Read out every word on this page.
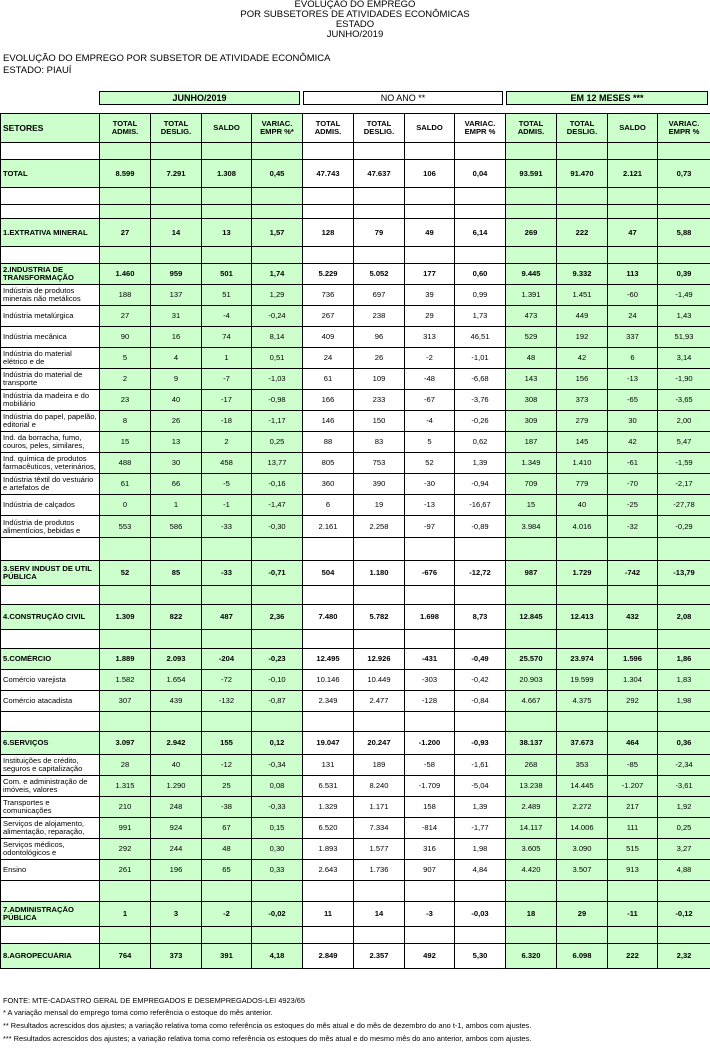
EVOLUÇÃO DO EMPREGO
POR SUBSETORES DE ATIVIDADES ECONÔMICAS
ESTADO
JUNHO/2019
EVOLUÇÃO DO EMPREGO POR SUBSETOR DE ATIVIDADE ECONÔMICA
ESTADO: PIAUÍ
JUNHO/2019	NO ANO **	EM 12 MESES ***
SETORES	TOTAL ADMIS.	TOTAL DESLIG.	SALDO	VARIAC. EMPR %*	TOTAL ADMIS.	TOTAL DESLIG.	SALDO	VARIAC. EMPR %	TOTAL ADMIS.	TOTAL DESLIG.	SALDO	VARIAC. EMPR %

TOTAL	8.599	7.291	1.308	0,45	47.743	47.637	106	0,04	93.591	91.470	2.121	0,73

1.EXTRATIVA MINERAL	27	14	13	1,57	128	79	49	6,14	269	222	47	5,88

2.INDÚSTRIA DE TRANSFORMAÇÃO	1.460	959	501	1,74	5.229	5.052	177	0,60	9.445	9.332	113	0,39

Indústria de produtos minerais não metálicos	188	137	51	1,29	736	697	39	0,99	1.391	1.451	-60	-1,49

Indústria metalúrgica	27	31	-4	-0,24	267	238	29	1,73	473	449	24	1,43

Indústria mecânica	90	16	74	8,14	409	96	313	46,51	529	192	337	51,93

Indústria do material elétrico e de	5	4	1	0,51	24	26	-2	-1,01	48	42	6	3,14

Indústria do material de transporte	2	9	-7	-1,03	61	109	-48	-6,68	143	156	-13	-1,90

Indústria da madeira e do mobiliário	23	40	-17	-0,98	166	233	-67	-3,76	308	373	-65	-3,65

Indústria do papel, papelão, editorial e	8	26	-18	-1,17	146	150	-4	-0,26	309	279	30	2,00

Ind. da borracha, fumo, couros, peles, similares,	15	13	2	0,25	88	83	5	0,62	187	145	42	5,47

Ind. química de produtos farmacêuticos, veterinários,	488	30	458	13,77	805	753	52	1,39	1.349	1.410	-61	-1,59

Indústria têxtil do vestuário e artefatos de	61	66	-5	-0,16	360	390	-30	-0,94	709	779	-70	-2,17

Indústria de calçados	0	1	-1	-1,47	6	19	-13	-16,67	15	40	-25	-27,78

Indústria de produtos alimentícios, bebidas e	553	586	-33	-0,30	2.161	2.258	-97	-0,89	3.984	4.016	-32	-0,29

3.SERV INDUST DE UTIL PÚBLICA	52	85	-33	-0,71	504	1.180	-676	-12,72	987	1.729	-742	-13,79

4.CONSTRUÇÃO CIVIL	1.309	822	487	2,36	7.480	5.782	1.698	8,73	12.845	12.413	432	2,08

5.COMÉRCIO	1.889	2.093	-204	-0,23	12.495	12.926	-431	-0,49	25.570	23.974	1.596	1,86

Comércio varejista	1.582	1.654	-72	-0,10	10.146	10.449	-303	-0,42	20.903	19.599	1.304	1,83

Comércio atacadista	307	439	-132	-0,87	2.349	2.477	-128	-0,84	4.667	4.375	292	1,98

6.SERVIÇOS	3.097	2.942	155	0,12	19.047	20.247	-1.200	-0,93	38.137	37.673	464	0,36

Instituições de crédito, seguros e capitalização	28	40	-12	-0,34	131	189	-58	-1,61	268	353	-85	-2,34

Com. e administração de imóveis, valores	1.315	1.290	25	0,08	6.531	8.240	-1.709	-5,04	13.238	14.445	-1.207	-3,61

Transportes e comunicações	210	248	-38	-0,33	1.329	1.171	158	1,39	2.489	2.272	217	1,92

Serviços de alojamento, alimentação, reparação,	991	924	67	0,15	6.520	7.334	-814	-1,77	14.117	14.006	111	0,25

Serviços médicos, odontológicos e	292	244	48	0,30	1.893	1.577	316	1,98	3.605	3.090	515	3,27

Ensino	261	196	65	0,33	2.643	1.736	907	4,84	4.420	3.507	913	4,88

7.ADMINISTRAÇÃO PÚBLICA	1	3	-2	-0,02	11	14	-3	-0,03	18	29	-11	-0,12

8.AGROPECUÁRIA	764	373	391	4,18	2.849	2.357	492	5,30	6.320	6.098	222	2,32
FONTE: MTE-CADASTRO GERAL DE EMPREGADOS E DESEMPREGADOS-LEI 4923/65
* A variação mensal do emprego toma como referência o estoque do mês anterior.
** Resultados acrescidos dos ajustes; a variação relativa toma como referência os estoques do mês atual e do mês de dezembro do ano t-1, ambos com ajustes.
*** Resultados acrescidos dos ajustes; a variação relativa toma como referência os estoques do mês atual e do mesmo mês do ano anterior, ambos com ajustes.
